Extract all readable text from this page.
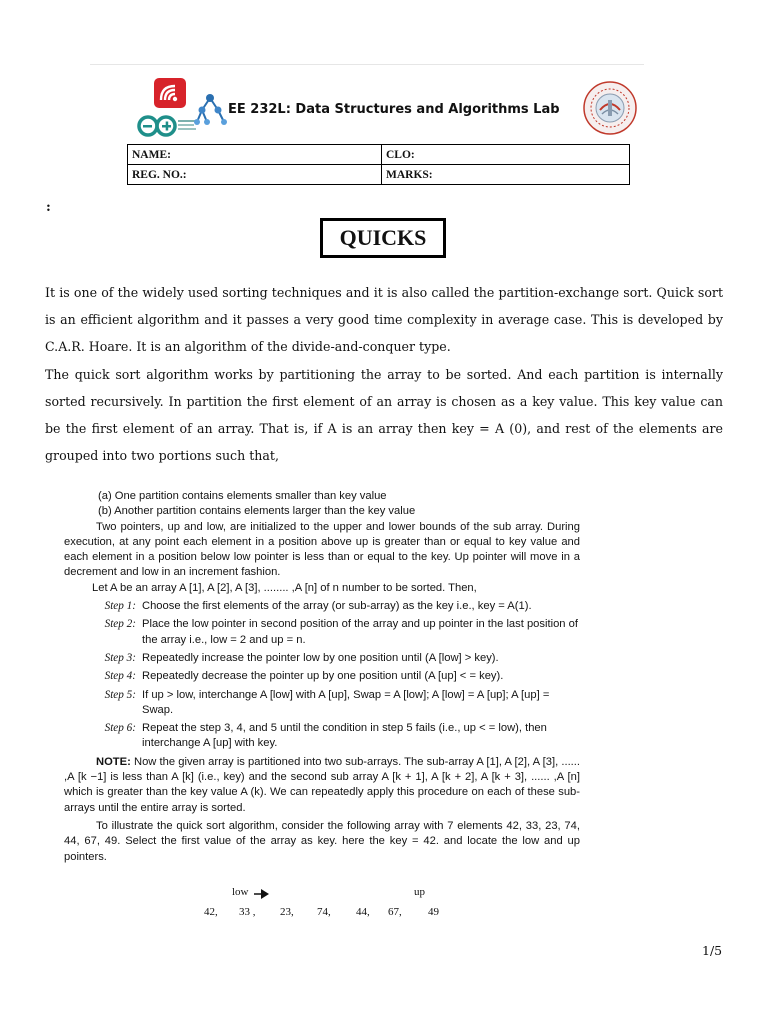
EE 232L: Data Structures and Algorithms Lab
NAME:	CLO:
REG. NO.:	MARKS:
:
QUICKS

It is one of the widely used sorting techniques and it is also called the partition-exchange sort. Quick sort is an efficient algorithm and it passes a very good time complexity in average case. This is developed by C.A.R. Hoare. It is an algorithm of the divide-and-conquer type.

The quick sort algorithm works by partitioning the array to be sorted. And each partition is internally sorted recursively. In partition the first element of an array is chosen as a key value. This key value can be the first element of an array. That is, if A is an array then key = A (0), and rest of the elements are grouped into two portions such that,

(a) One partition contains elements smaller than key value

(b) Another partition contains elements larger than the key value

Two pointers, up and low, are initialized to the upper and lower bounds of the sub array. During execution, at any point each element in a position above up is greater than or equal to key value and each element in a position below low pointer is less than or equal to the key. Up pointer will move in a decrement and low in an increment fashion.

Let A be an array A [1], A [2], A [3], ........ ,A [n] of n number to be sorted. Then,

Step 1: Choose the first elements of the array (or sub-array) as the key i.e., key = A(1).
Step 2: Place the low pointer in second position of the array and up pointer in the last position of the array i.e., low = 2 and up = n.
Step 3: Repeatedly increase the pointer low by one position until (A [low] > key).
Step 4: Repeatedly decrease the pointer up by one position until (A [up] < = key).
Step 5: If up > low, interchange A [low] with A [up], Swap = A [low]; A [low] = A [up]; A [up] = Swap.
Step 6: Repeat the step 3, 4, and 5 until the condition in step 5 fails (i.e., up < = low), then interchange A [up] with key.

NOTE: Now the given array is partitioned into two sub-arrays. The sub-array A [1], A [2], A [3], ...... ,A [k −1] is less than A [k] (i.e., key) and the second sub array A [k + 1], A [k + 2], A [k + 3], ...... ,A [n] which is greater than the key value A (k). We can repeatedly apply this procedure on each of these sub-arrays until the entire array is sorted.

To illustrate the quick sort algorithm, consider the following array with 7 elements 42, 33, 23, 74, 44, 67, 49. Select the first value of the array as key. here the key = 42. and locate the low and up pointers.

low	up
42, 33 , 23, 74, 44, 67, 49
1/5
